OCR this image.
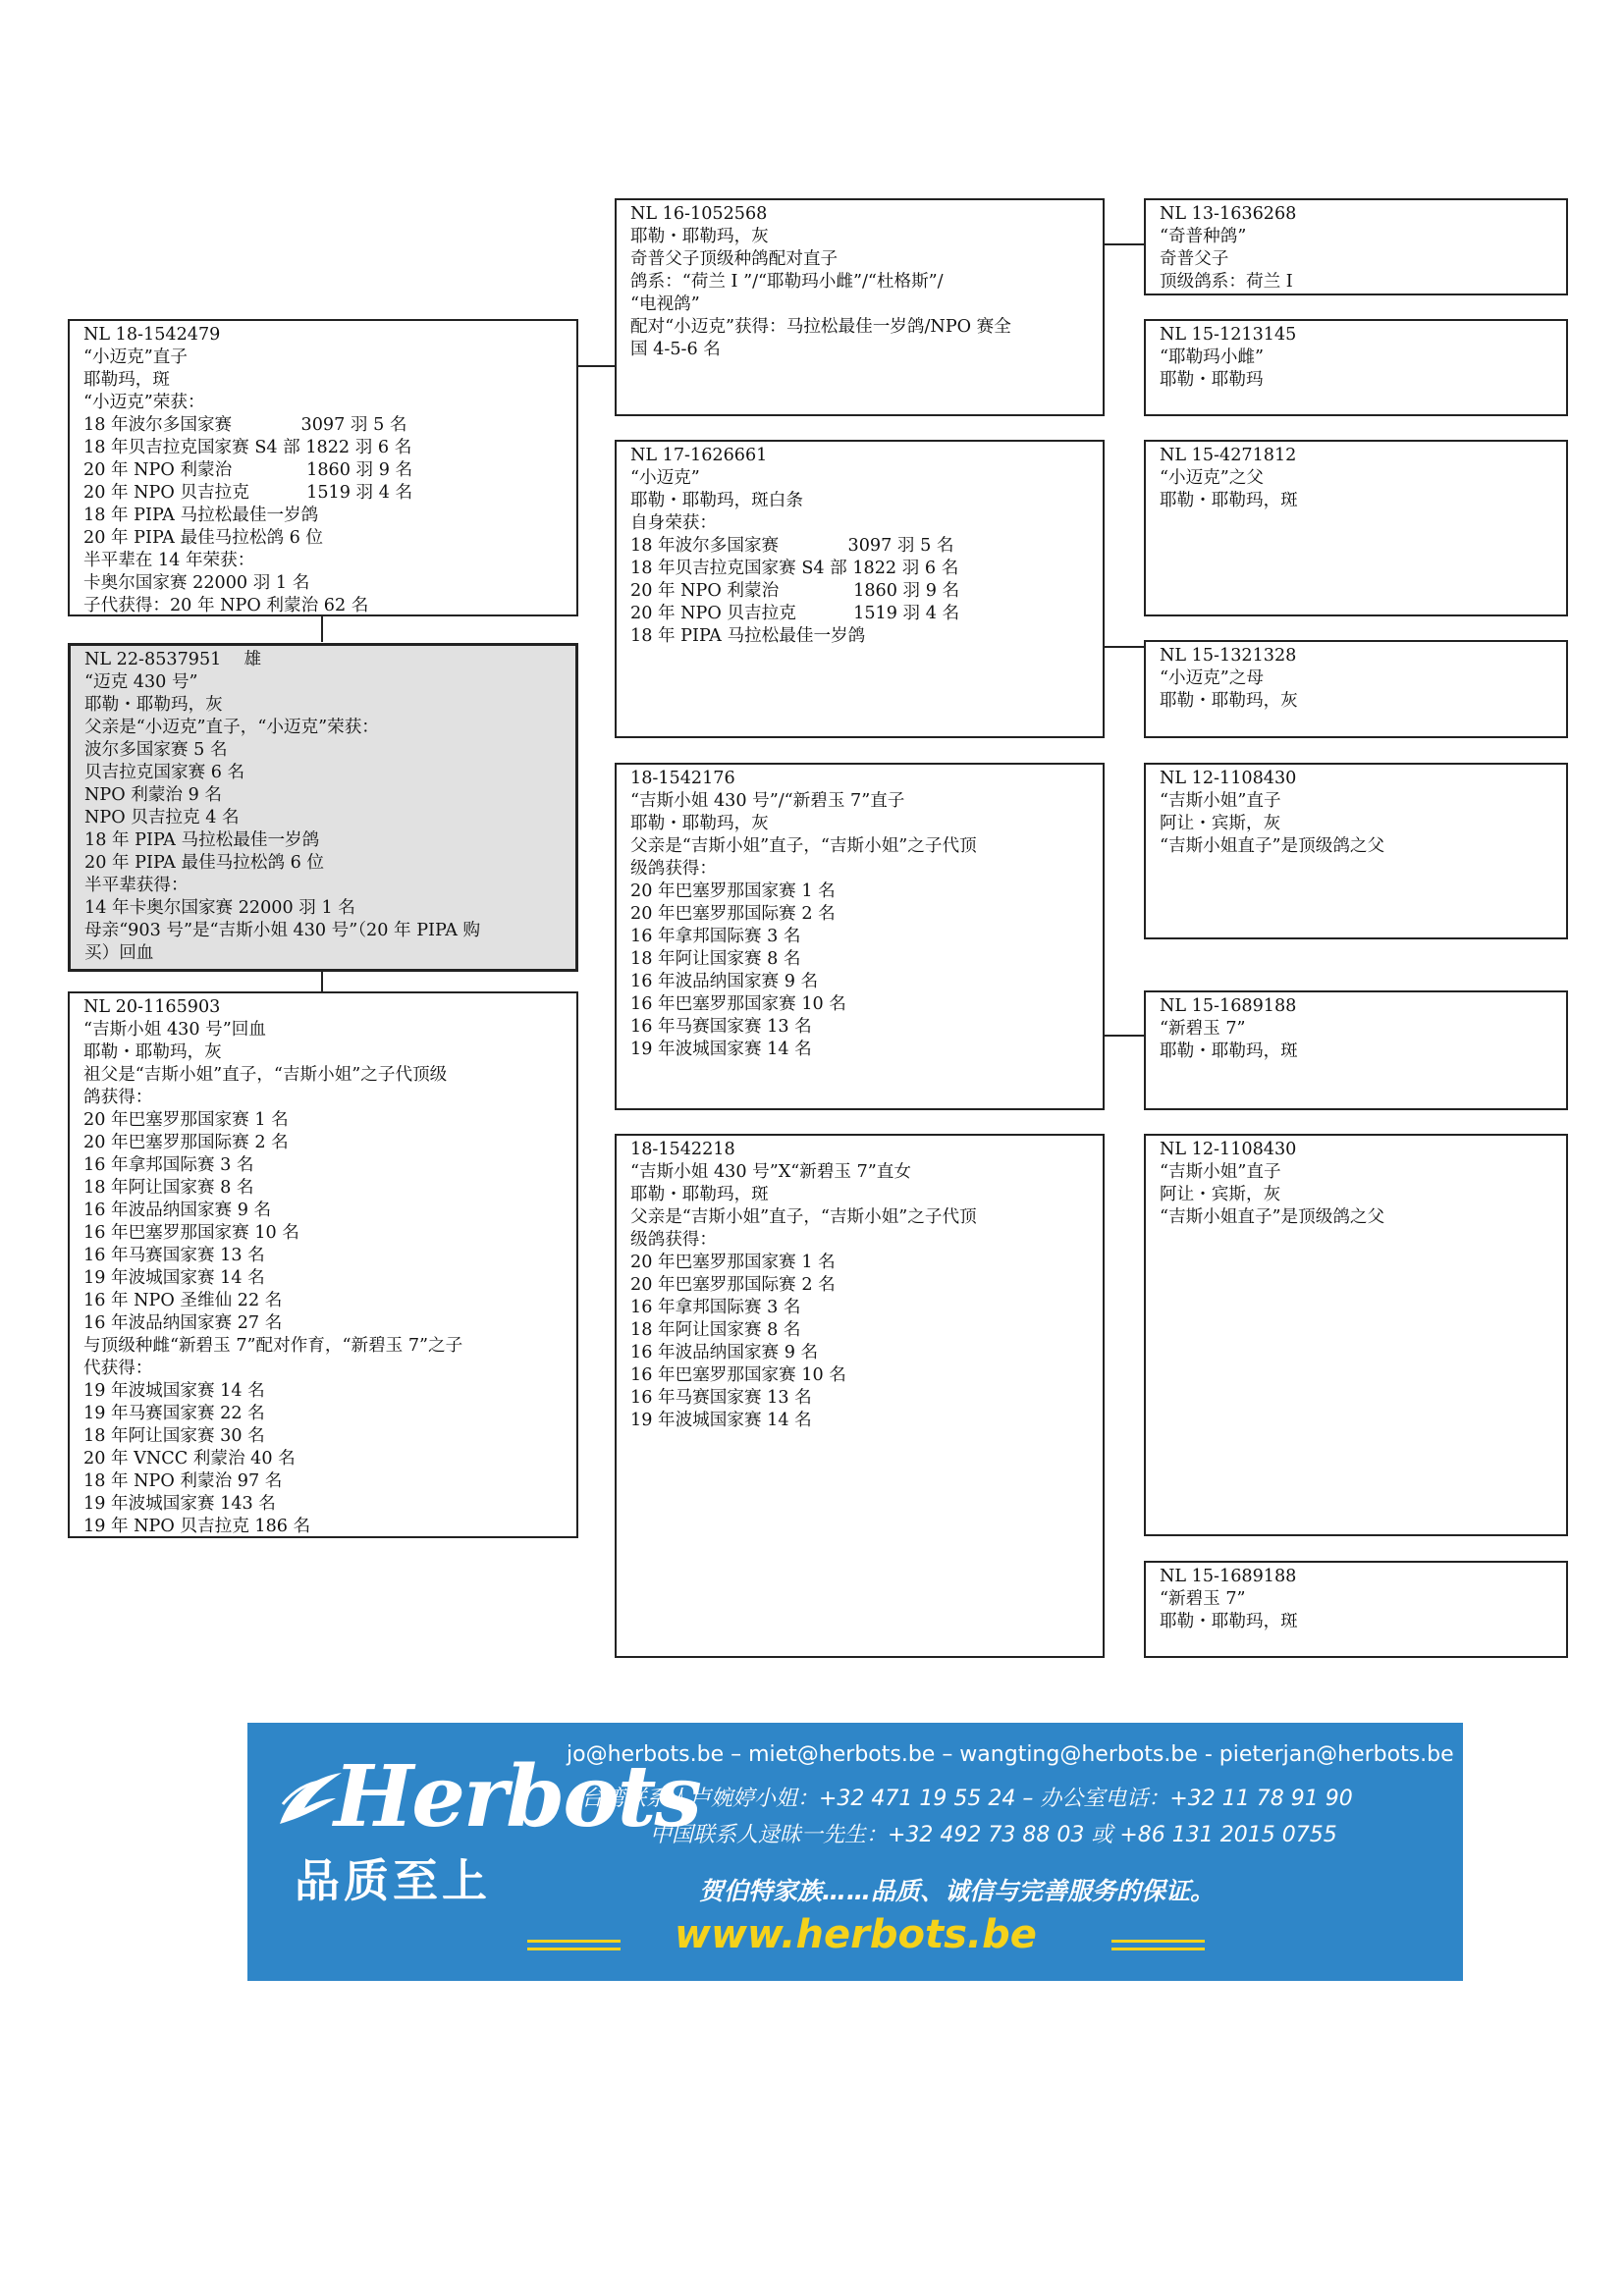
NL 22-8537951　 雄
“迈克 430 号”
耶勒・耶勒玛，灰
父亲是“小迈克”直子，“小迈克”荣获：
波尔多国家赛 5 名
贝吉拉克国家赛 6 名
NPO 利蒙治 9 名
NPO 贝吉拉克 4 名
18 年 PIPA 马拉松最佳一岁鸽
20 年 PIPA 最佳马拉松鸽 6 位
半平辈获得：
14 年卡奥尔国家赛 22000 羽 1 名
母亲“903 号”是“吉斯小姐 430 号”（20 年 PIPA 购
买）回血
NL 18-1542479
“小迈克”直子
耶勒玛，斑
“小迈克”荣获：
18 年波尔多国家赛　　　　3097 羽 5 名
18 年贝吉拉克国家赛 S4 部 1822 羽 6 名
20 年 NPO 利蒙治　　　　 1860 羽 9 名
20 年 NPO 贝吉拉克　　　 1519 羽 4 名
18 年 PIPA 马拉松最佳一岁鸽
20 年 PIPA 最佳马拉松鸽 6 位
半平辈在 14 年荣获：
卡奥尔国家赛 22000 羽 1 名
子代获得：20 年 NPO 利蒙治 62 名
NL 20-1165903
“吉斯小姐 430 号”回血
耶勒・耶勒玛，灰
祖父是“吉斯小姐”直子，“吉斯小姐”之子代顶级
鸽获得：
20 年巴塞罗那国家赛 1 名
20 年巴塞罗那国际赛 2 名
16 年拿邦国际赛 3 名
18 年阿让国家赛 8 名
16 年波品纳国家赛 9 名
16 年巴塞罗那国家赛 10 名
16 年马赛国家赛 13 名
19 年波城国家赛 14 名
16 年 NPO 圣维仙 22 名
16 年波品纳国家赛 27 名
与顶级种雌“新碧玉 7”配对作育，“新碧玉 7”之子
代获得：
19 年波城国家赛 14 名
19 年马赛国家赛 22 名
18 年阿让国家赛 30 名
20 年 VNCC 利蒙治 40 名
18 年 NPO 利蒙治 97 名
19 年波城国家赛 143 名
19 年 NPO 贝吉拉克 186 名
NL 16-1052568
耶勒・耶勒玛，灰
奇普父子顶级种鸽配对直子
鸽系：“荷兰 I ”/“耶勒玛小雌”/“杜格斯”/
“电视鸽”
配对“小迈克”获得：马拉松最佳一岁鸽/NPO 赛全
国 4-5-6 名
NL 17-1626661
“小迈克”
耶勒・耶勒玛，斑白条
自身荣获：
18 年波尔多国家赛　　　　3097 羽 5 名
18 年贝吉拉克国家赛 S4 部 1822 羽 6 名
20 年 NPO 利蒙治　　　　 1860 羽 9 名
20 年 NPO 贝吉拉克　　　 1519 羽 4 名
18 年 PIPA 马拉松最佳一岁鸽
18-1542176
“吉斯小姐 430 号”/“新碧玉 7”直子
耶勒・耶勒玛，灰
父亲是“吉斯小姐”直子，“吉斯小姐”之子代顶
级鸽获得：
20 年巴塞罗那国家赛 1 名
20 年巴塞罗那国际赛 2 名
16 年拿邦国际赛 3 名
18 年阿让国家赛 8 名
16 年波品纳国家赛 9 名
16 年巴塞罗那国家赛 10 名
16 年马赛国家赛 13 名
19 年波城国家赛 14 名
18-1542218
“吉斯小姐 430 号”X“新碧玉 7”直女
耶勒・耶勒玛，斑
父亲是“吉斯小姐”直子，“吉斯小姐”之子代顶
级鸽获得：
20 年巴塞罗那国家赛 1 名
20 年巴塞罗那国际赛 2 名
16 年拿邦国际赛 3 名
18 年阿让国家赛 8 名
16 年波品纳国家赛 9 名
16 年巴塞罗那国家赛 10 名
16 年马赛国家赛 13 名
19 年波城国家赛 14 名
NL 13-1636268
“奇普种鸽”
奇普父子
顶级鸽系：荷兰 I
NL 15-1213145
“耶勒玛小雌”
耶勒・耶勒玛
NL 15-4271812
“小迈克”之父
耶勒・耶勒玛，斑
NL 15-1321328
“小迈克”之母
耶勒・耶勒玛，灰
NL 12-1108430
“吉斯小姐”直子
阿让・宾斯，灰
“吉斯小姐直子”是顶级鸽之父
NL 15-1689188
“新碧玉 7”
耶勒・耶勒玛，斑
NL 12-1108430
“吉斯小姐”直子
阿让・宾斯，灰
“吉斯小姐直子”是顶级鸽之父
NL 15-1689188
“新碧玉 7”
耶勒・耶勒玛，斑
Herbots
品质至上
jo@herbots.be – miet@herbots.be – wangting@herbots.be - pieterjan@herbots.be
台湾联系人卢婉婷小姐：+32 471 19 55 24 – 办公室电话：+32 11 78 91 90
中国联系人逯昧一先生：+32 492 73 88 03 或 +86 131 2015 0755
贺伯特家族……品质、诚信与完善服务的保证。
www.herbots.be
